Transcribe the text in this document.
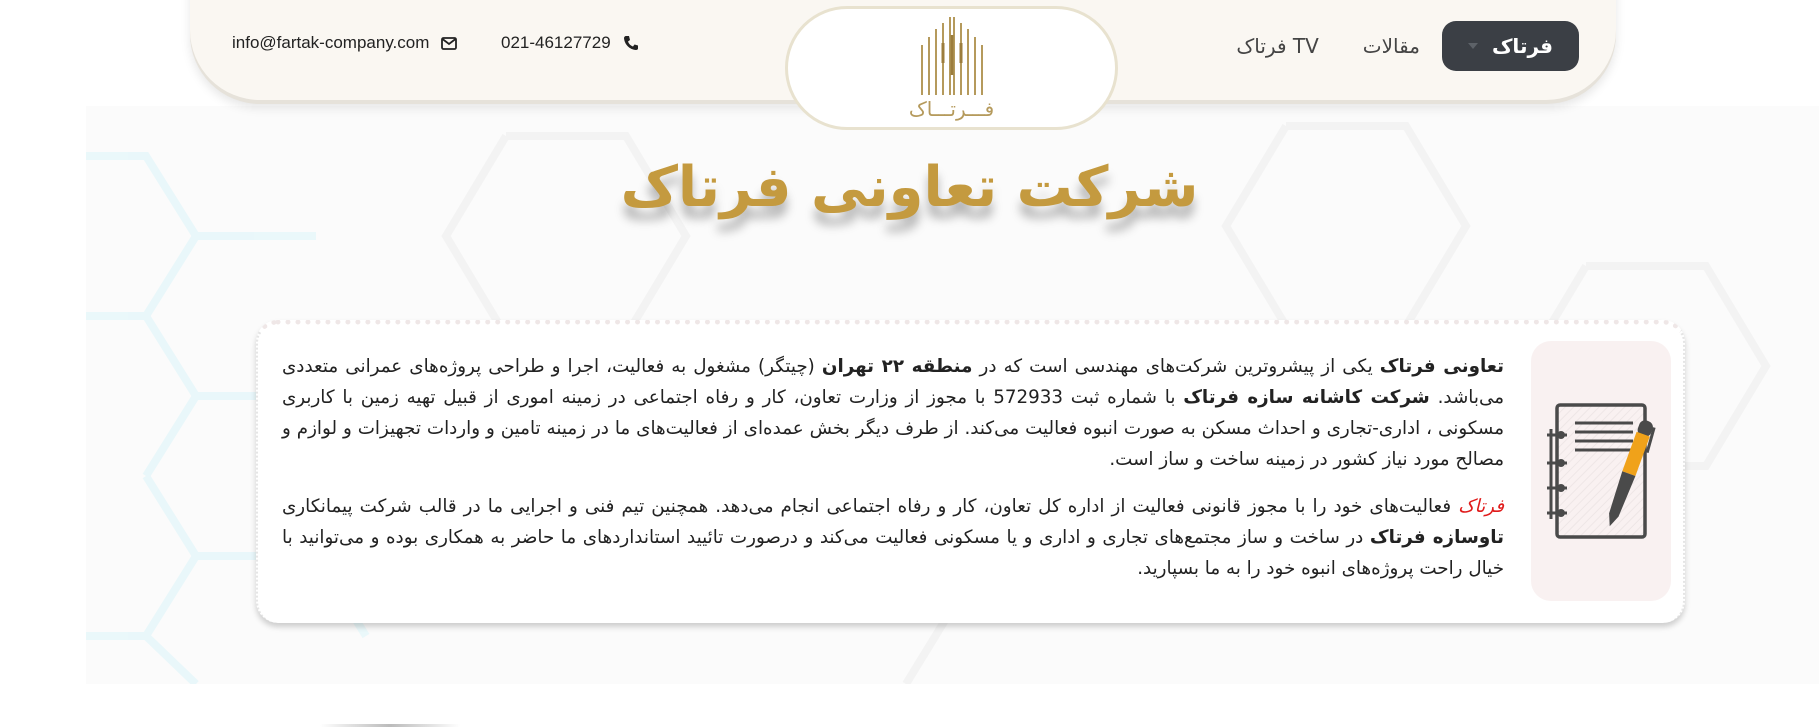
info@fartak-company.com	021-46127729
فـــرتـــاک
فرتاک
مقالات
فرتاک TV
شرکت تعاونی فرتاک

تعاونی فرتاک یکی از پیشروترین شرکت‌های مهندسی است که در منطقه ۲۲ تهران (چیتگر) مشغول به فعالیت، اجرا و طراحی پروژه‌های عمرانی متعددی می‌باشد. شرکت کاشانه سازه فرتاک با شماره ثبت 572933 با مجوز از وزارت تعاون، کار و رفاه اجتماعی در زمینه اموری از قبیل تهیه زمین با کاربری مسکونی ، اداری-تجاری و احداث مسکن به صورت انبوه فعالیت می‌کند. از طرف دیگر بخش عمده‌ای از فعالیت‌های ما در زمینه تامین و واردات تجهیزات و لوازم و مصالح مورد نیاز کشور در زمینه ساخت و ساز است.

فرتاک فعالیت‌های خود را با مجوز قانونی فعالیت از اداره کل تعاون، کار و رفاه اجتماعی انجام می‌دهد. همچنین تیم فنی و اجرایی ما در قالب شرکت پیمانکاری تاوسازه فرتاک در ساخت و ساز مجتمع‌های تجاری و اداری و یا مسکونی فعالیت می‌کند و درصورت تائیید استانداردهای ما حاضر به همکاری بوده و می‌توانید با خیال راحت پروژه‌های انبوه خود را به ما بسپارید.
